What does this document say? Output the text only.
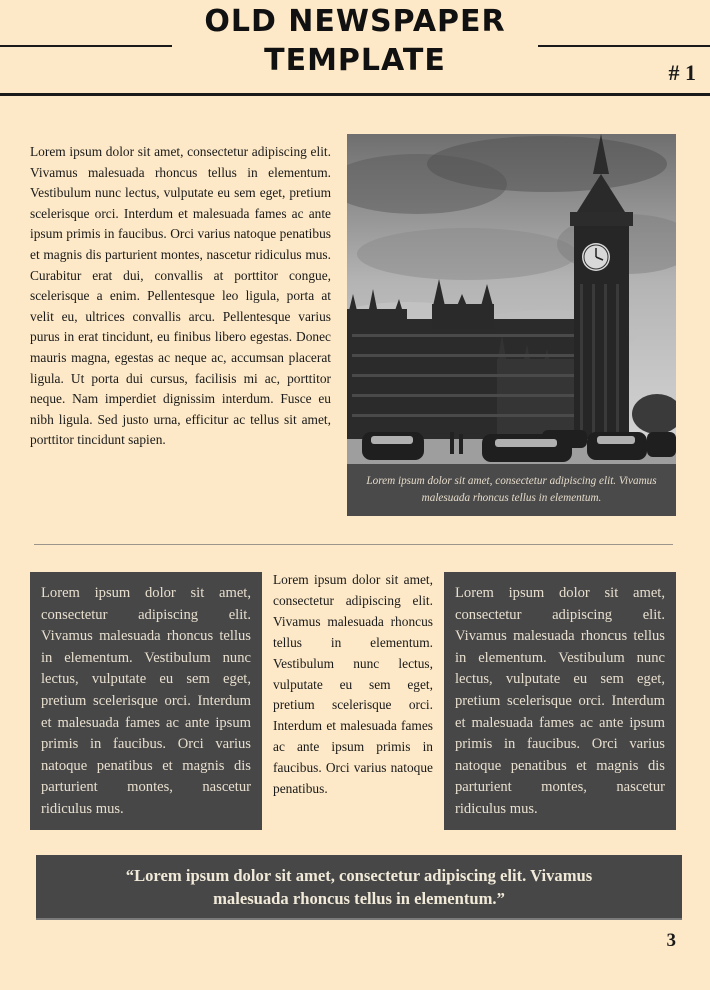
OLD NEWSPAPER
TEMPLATE	# 1
Lorem ipsum dolor sit amet, consectetur adipiscing elit. Vivamus malesuada rhoncus tellus in elementum. Vestibulum nunc lectus, vulputate eu sem eget, pretium scelerisque orci. Interdum et malesuada fames ac ante ipsum primis in faucibus. Orci varius natoque penatibus et magnis dis parturient montes, nascetur ridiculus mus. Curabitur erat dui, convallis at porttitor congue, scelerisque a enim. Pellentesque leo ligula, porta at velit eu, ultrices convallis arcu. Pellentesque varius purus in erat tincidunt, eu finibus libero egestas. Donec mauris magna, egestas ac neque ac, accumsan placerat ligula. Ut porta dui cursus, facilisis mi ac, porttitor neque. Nam imperdiet dignissim interdum. Fusce eu nibh ligula. Sed justo urna, efficitur ac tellus sit amet, porttitor tincidunt sapien.
Lorem ipsum dolor sit amet, consectetur adipiscing elit. Vivamus malesuada rhoncus tellus in elementum.
Lorem ipsum dolor sit amet, consectetur adipiscing elit. Vivamus malesuada rhoncus tellus in elementum. Vestibulum nunc lectus, vulputate eu sem eget, pretium scelerisque orci. Interdum et malesuada fames ac ante ipsum primis in faucibus. Orci varius natoque penatibus et magnis dis parturient montes, nascetur ridiculus mus.
Lorem ipsum dolor sit amet, consectetur adipiscing elit. Vivamus malesuada rhoncus tellus in elementum. Vestibulum nunc lectus, vulputate eu sem eget, pretium scelerisque orci. Interdum et malesuada fames ac ante ipsum primis in faucibus. Orci varius natoque penatibus.
Lorem ipsum dolor sit amet, consectetur adipiscing elit. Vivamus malesuada rhoncus tellus in elementum. Vestibulum nunc lectus, vulputate eu sem eget, pretium scelerisque orci. Interdum et malesuada fames ac ante ipsum primis in faucibus. Orci varius natoque penatibus et magnis dis parturient montes, nascetur ridiculus mus.
“Lorem ipsum dolor sit amet, consectetur adipiscing elit. Vivamus
malesuada rhoncus tellus in elementum.”
3
